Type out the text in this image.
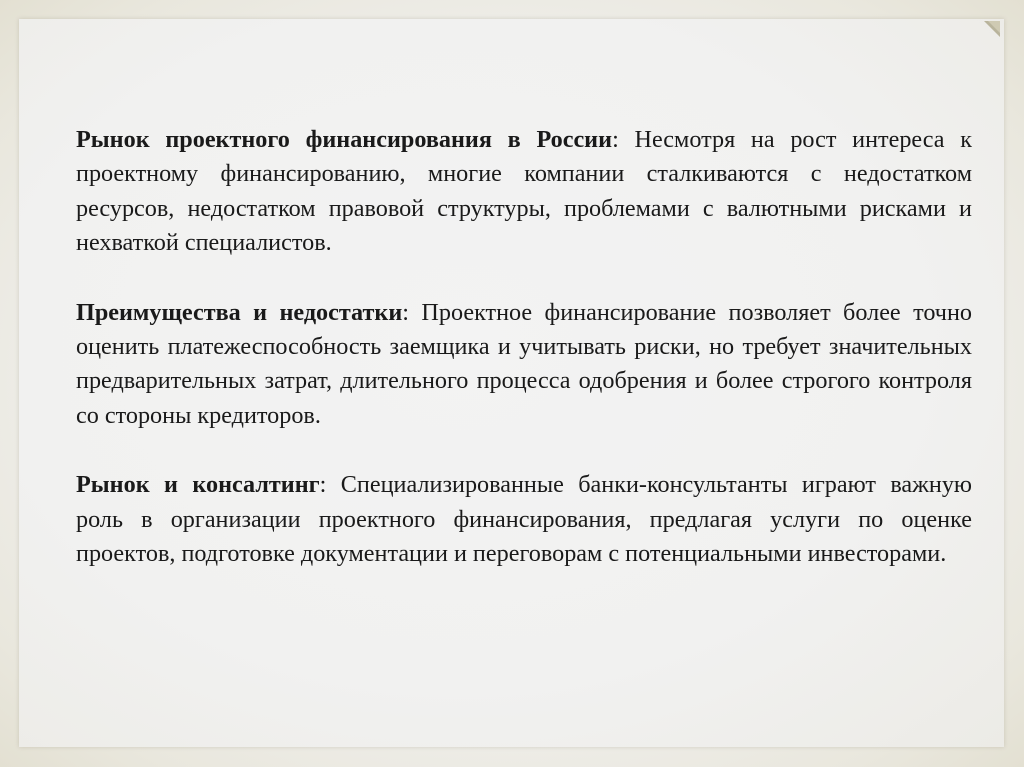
Рынок проектного финансирования в России: Несмотря на рост интереса к проектному финансированию, многие компании сталкиваются с недостатком ресурсов, недостатком правовой структуры, проблемами с валютными рисками и нехваткой специалистов.

Преимущества и недостатки: Проектное финансирование позволяет более точно оценить платежеспособность заемщика и учитывать риски, но требует значительных предварительных затрат, длительного процесса одобрения и более строгого контроля со стороны кредиторов.

Рынок и консалтинг: Специализированные банки-консультанты играют важную роль в организации проектного финансирования, предлагая услуги по оценке проектов, подготовке документации и переговорам с потенциальными инвесторами.
